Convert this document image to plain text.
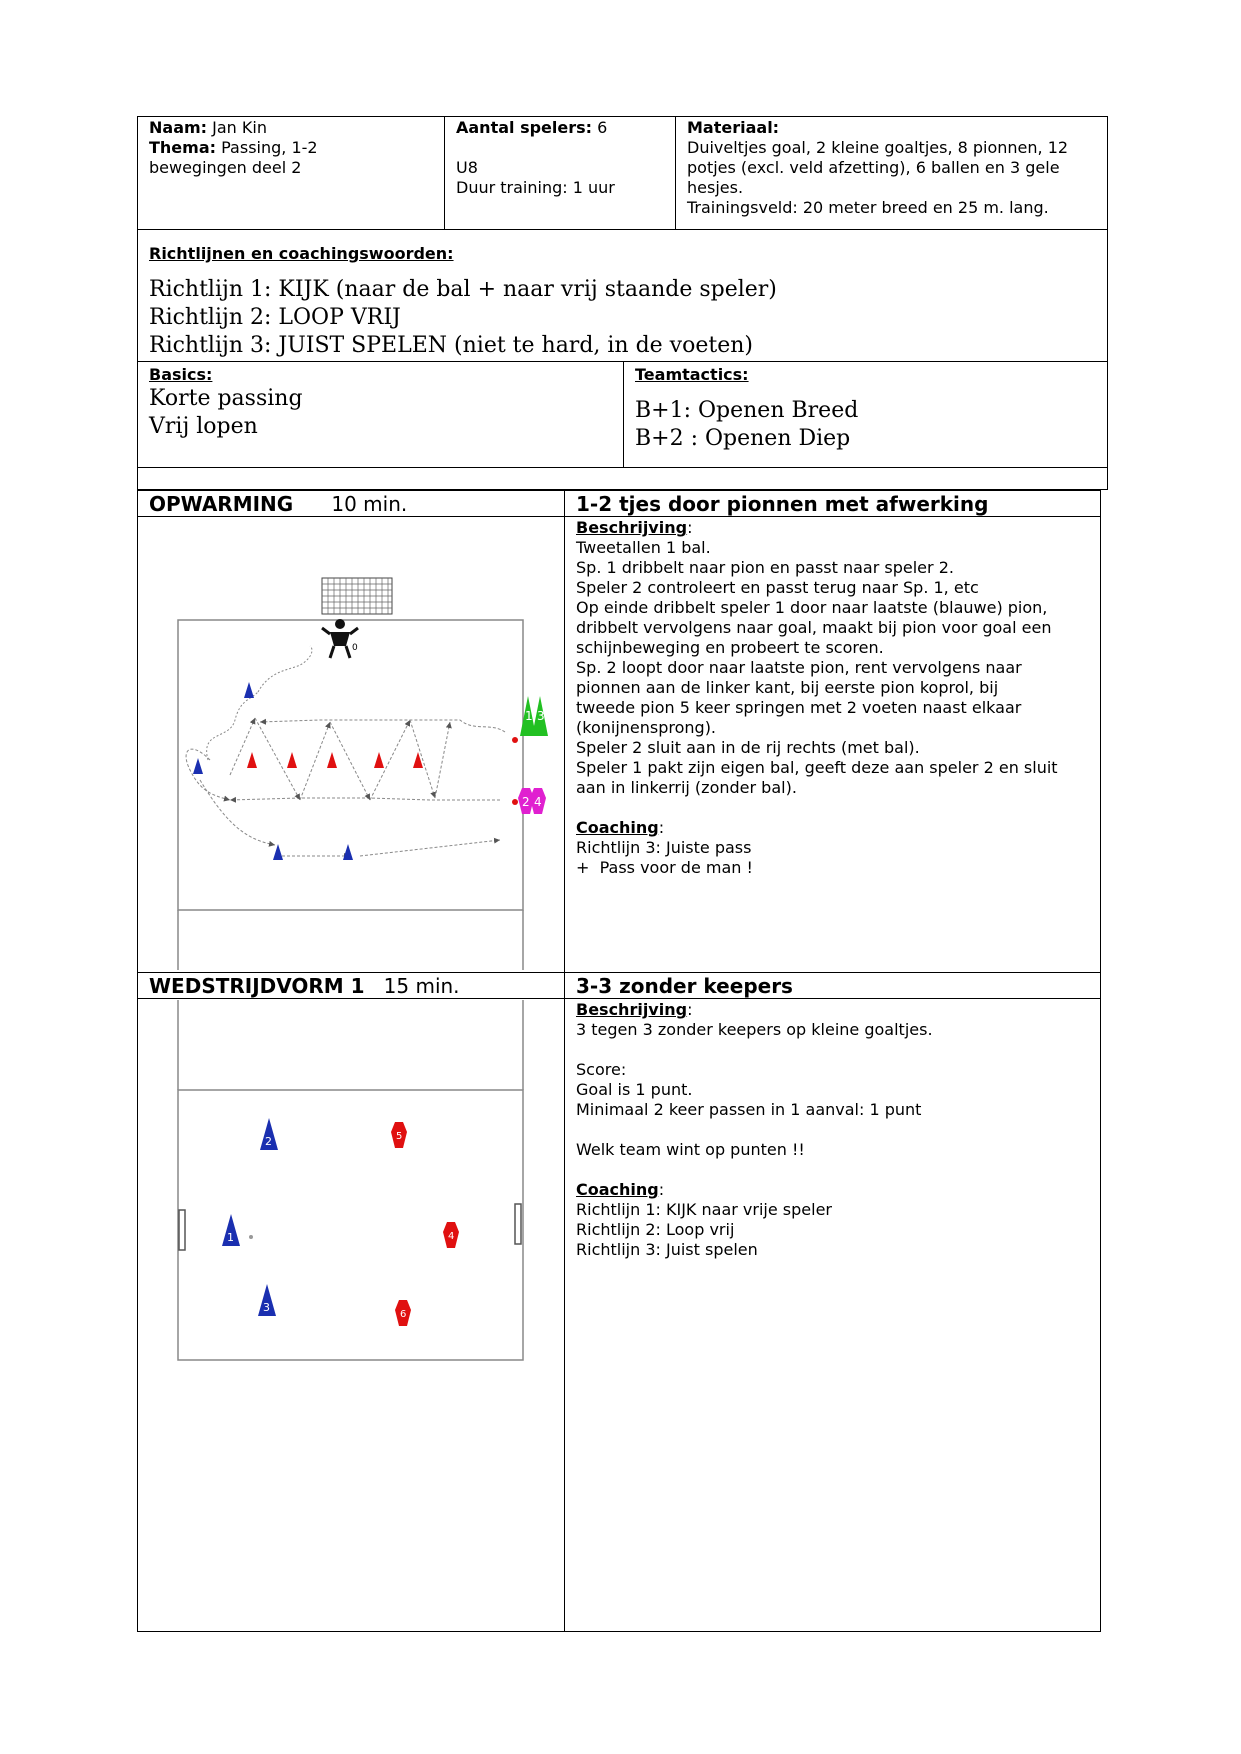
Naam: Jan Kin
Thema: Passing, 1-2
bewegingen deel 2
Aantal spelers: 6

U8
Duur training: 1 uur
Materiaal:
Duiveltjes goal, 2 kleine goaltjes, 8 pionnen, 12
potjes (excl. veld afzetting), 6 ballen en 3 gele
hesjes.
Trainingsveld: 20 meter breed en 25 m. lang.
Richtlijnen en coachingswoorden:
Richtlijn 1: KIJK (naar de bal + naar vrij staande speler)
Richtlijn 2: LOOP VRIJ
Richtlijn 3: JUIST SPELEN (niet te hard, in de voeten)
Basics:
Korte passing
Vrij lopen
Teamtactics:
B+1: Openen Breed
B+2 : Openen Diep
OPWARMING 10 min.	1-2 tjes door pionnen met afwerking
Beschrijving:
Tweetallen 1 bal.
Sp. 1 dribbelt naar pion en passt naar speler 2.
Speler 2 controleert en passt terug naar Sp. 1, etc
Op einde dribbelt speler 1 door naar laatste (blauwe) pion,
dribbelt vervolgens naar goal, maakt bij pion voor goal een
schijnbeweging en probeert te scoren.
Sp. 2 loopt door naar laatste pion, rent vervolgens naar
pionnen aan de linker kant, bij eerste pion koprol, bij
tweede pion 5 keer springen met 2 voeten naast elkaar
(konijnensprong).
Speler 2 sluit aan in de rij rechts (met bal).
Speler 1 pakt zijn eigen bal, geeft deze aan speler 2 en sluit
aan in linkerrij (zonder bal).

Coaching:
Richtlijn 3: Juiste pass
+  Pass voor de man !
0
1 3
2 4
WEDSTRIJDVORM 1 15 min.	3-3 zonder keepers
Beschrijving:
3 tegen 3 zonder keepers op kleine goaltjes.

Score:
Goal is 1 punt.
Minimaal 2 keer passen in 1 aanval: 1 punt

Welk team wint op punten !!

Coaching:
Richtlijn 1: KIJK naar vrije speler
Richtlijn 2: Loop vrij
Richtlijn 3: Juist spelen
2
1
3
5
4
6
